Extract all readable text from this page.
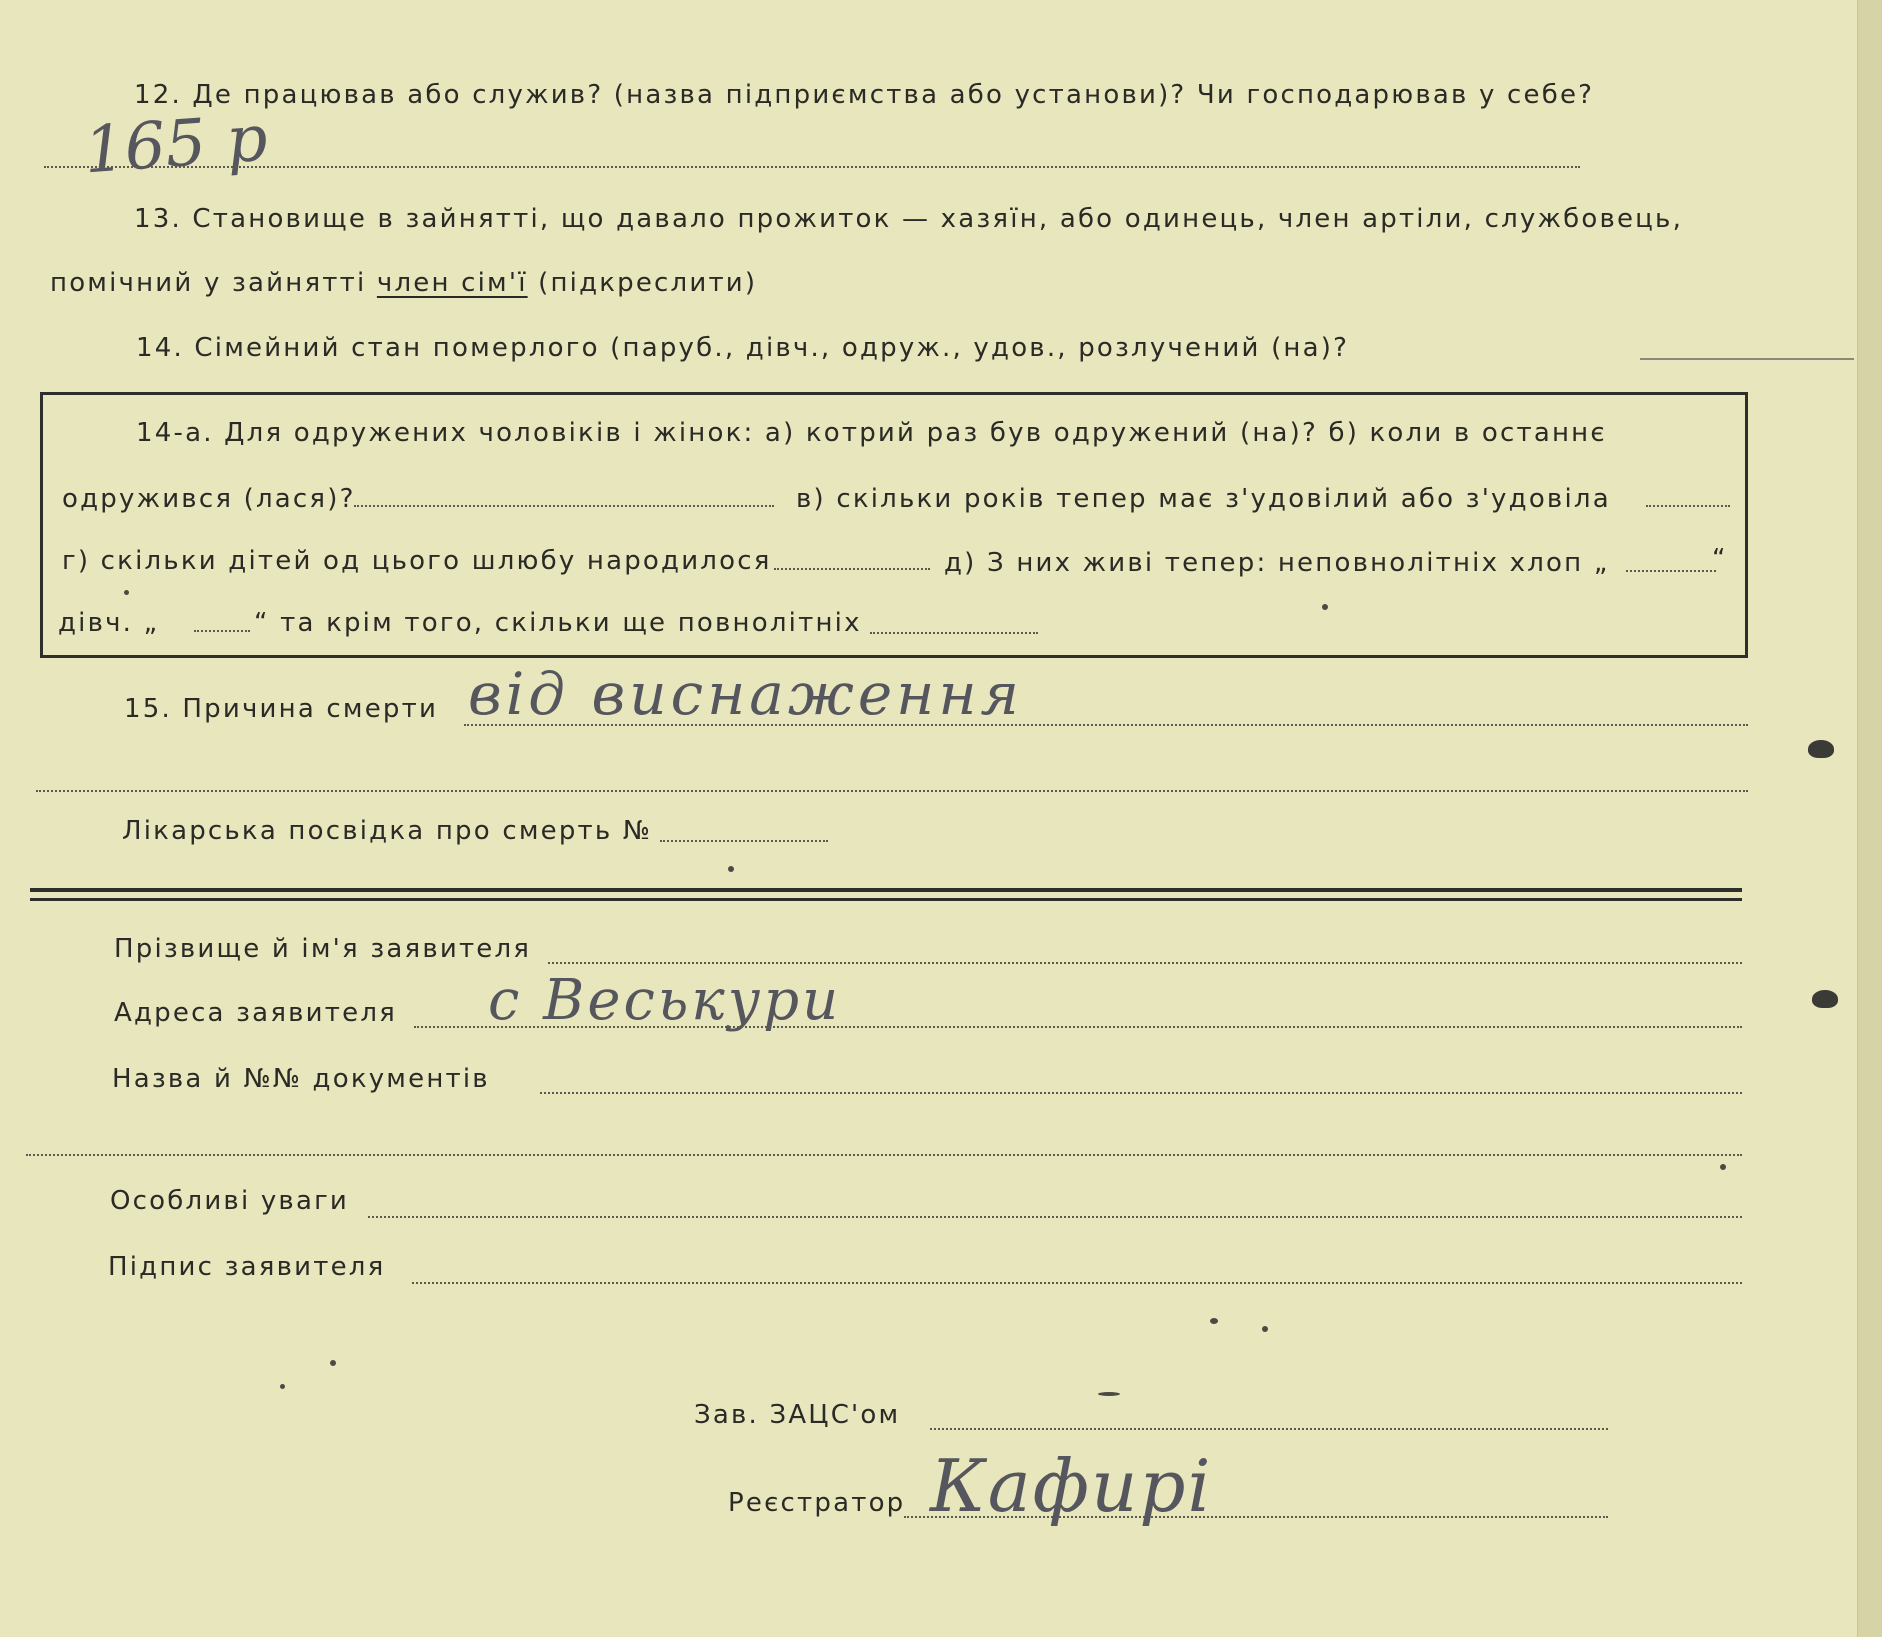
12. Де працював або служив? (назва підприємства або установи)? Чи господарював у себе?
165 р
13. Становище в зайнятті, що давало прожиток — хазяїн, або одинець, член артіли, службовець,
помічний у зайнятті член сім'ї (підкреслити)
14. Сімейний стан померлого (паруб., дівч., одруж., удов., розлучений (на)?
14-а. Для одружених чоловіків і жінок: а) котрий раз був одружений (на)? б) коли в останнє
одружився (лася)?	в) скільки років тепер має з'удовілий або з'удовіла
г) скільки дітей од цього шлюбу народилося	д) З них живі тепер: неповнолітніх хлоп „	“
дівч. „	“ та крім того, скільки ще повнолітніх
15. Причина смерти від виснаження
Лікарська посвідка про смерть №
Прізвище й ім'я заявителя
Адреса заявителя с Веськури
Назва й №№ документів
Особливі уваги
Підпис заявителя
Зав. ЗАЦС'ом
Реєстратор Кафирі
